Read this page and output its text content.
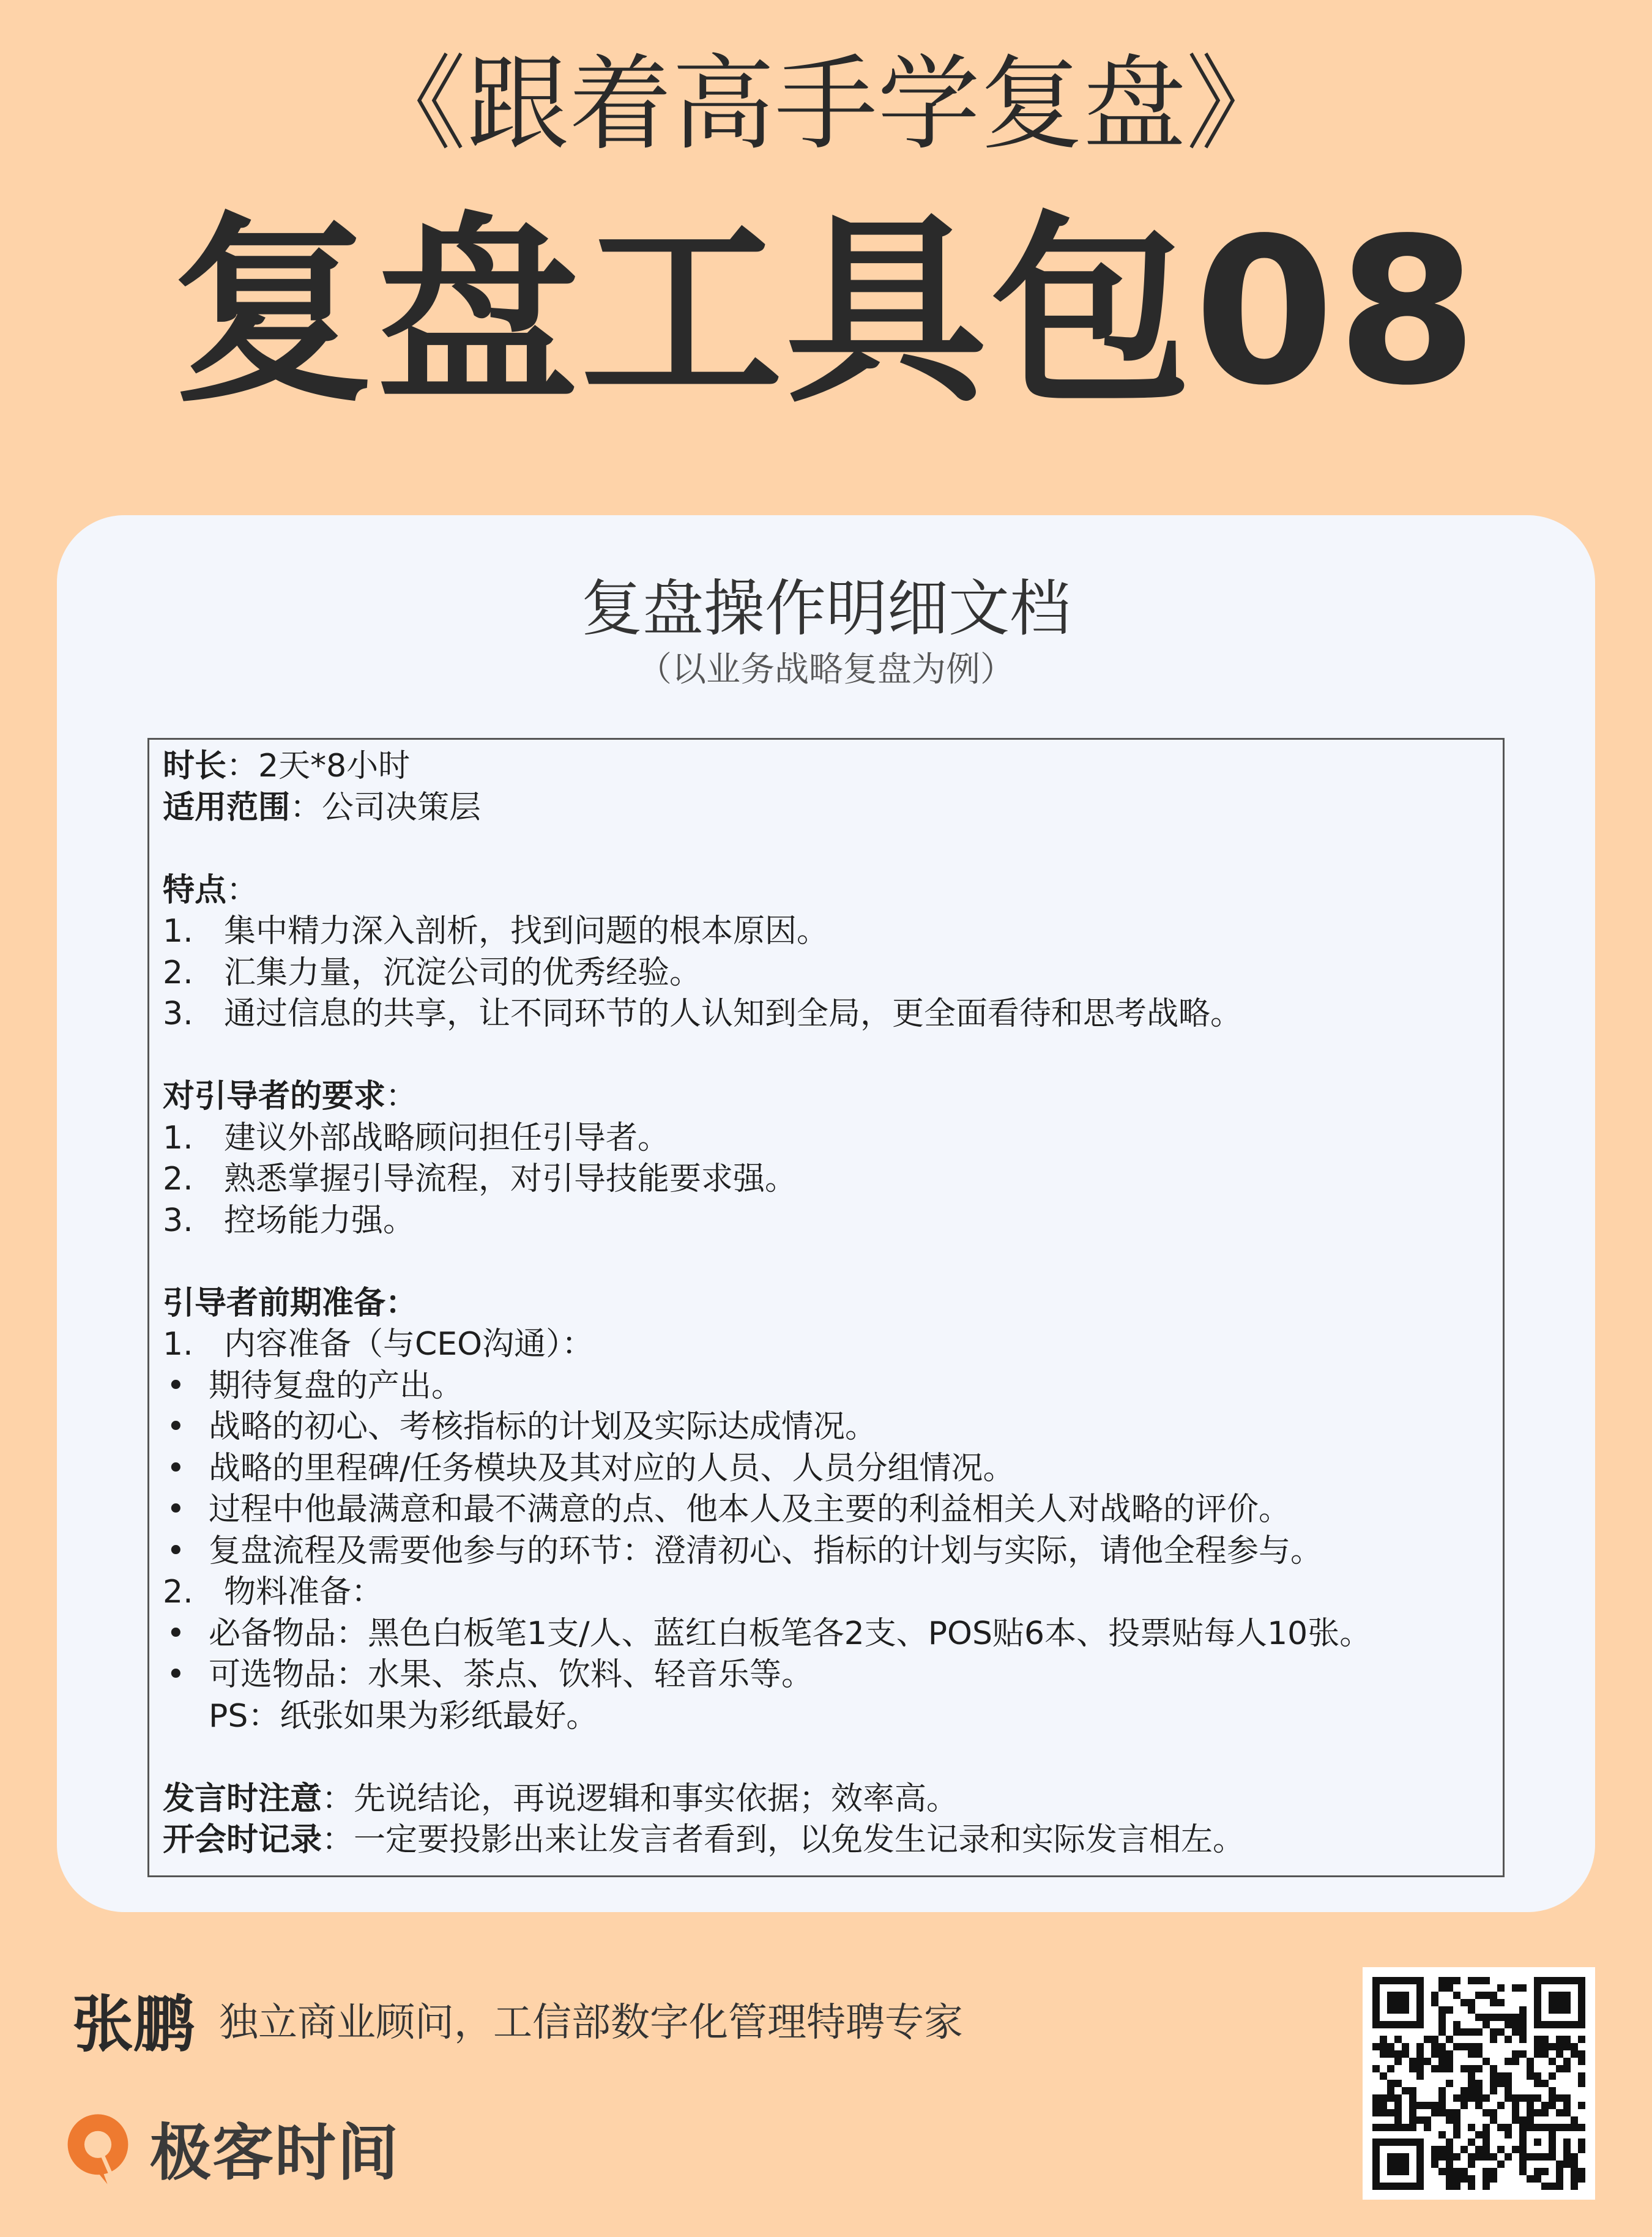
《跟着高手学复盘》
复盘工具包08
复盘操作明细文档
（以业务战略复盘为例）
时长：2天*8小时
适用范围：公司决策层
特点：
1. 集中精力深入剖析，找到问题的根本原因。
2. 汇集力量，沉淀公司的优秀经验。
3. 通过信息的共享，让不同环节的人认知到全局，更全面看待和思考战略。
对引导者的要求：
1. 建议外部战略顾问担任引导者。
2. 熟悉掌握引导流程，对引导技能要求强。
3. 控场能力强。
引导者前期准备：
1. 内容准备（与CEO沟通）：
• 期待复盘的产出。
• 战略的初心、考核指标的计划及实际达成情况。
• 战略的里程碑/任务模块及其对应的人员、人员分组情况。
• 过程中他最满意和最不满意的点、他本人及主要的利益相关人对战略的评价。
• 复盘流程及需要他参与的环节：澄清初心、指标的计划与实际，请他全程参与。
2. 物料准备：
• 必备物品：黑色白板笔1支/人、蓝红白板笔各2支、POS贴6本、投票贴每人10张。
• 可选物品：水果、茶点、饮料、轻音乐等。
PS：纸张如果为彩纸最好。
发言时注意：先说结论，再说逻辑和事实依据；效率高。
开会时记录：一定要投影出来让发言者看到，以免发生记录和实际发言相左。
张鹏 独立商业顾问，工信部数字化管理特聘专家
极客时间
